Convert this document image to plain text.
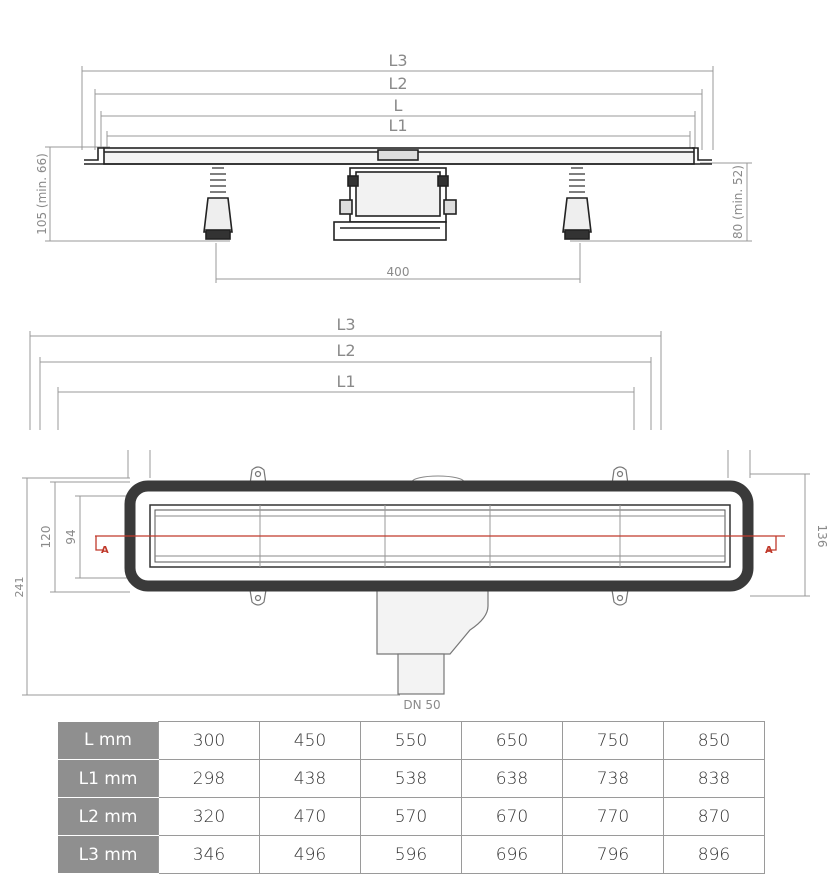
L3
L2
L
L1
105 (min. 66)	80 (min. 52)
400
L3
L2
L1
120 94
241
136
A	A
DN 50
L mm	300	450	550	650	750	850
L1 mm	298	438	538	638	738	838
L2 mm	320	470	570	670	770	870
L3 mm	346	496	596	696	796	896
